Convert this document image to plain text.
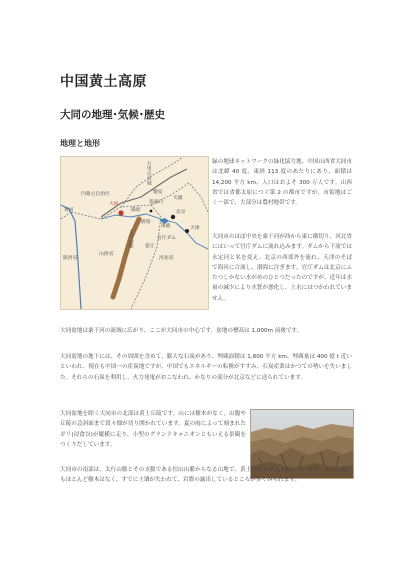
中国黄土高原
大同の地理･気候･歴史
地理と地形
内蒙古自治区
黄河
大同
北京
天津
河北省
山西省
陝西省
万里の長城
太行山脈
陽原
張家口
蔚県
涿鹿
懐安
官庁ダム
霊丘
天鎮

緑の地球ネットワークの緑化協力地、中国山西省大同市は北緯 40 度、東経 113 度のあたりにあり、面積は 14,200 平方 km、人口はおよそ 300 万人です。山西省では省都太原につぐ第 2 の都市ですが、市街地はごく一部で、大部分は農村地帯です。

大同市のほぼ中央を桑干河が西から東に横切り、河北省にはいって官庁ダムに流れ込みます。ダムから下流では永定河と名を変え、北京の西郊外を流れ、天津のそばで海河に合流し、渤海に注ぎます。官庁ダムは北京にふたつしかない水がめのひとつだったのですが、近年は水量の減少により水質が悪化し、上水にはつかわれていません。

大同盆地は桑干河の流域に広がり、ここが大同市の中心です。盆地の標高は 1,000m 前後です。

大同盆地の地下には、その周囲を含めて、膨大な石炭があり、埋蔵面積は 1,800 平方 km、埋蔵量は 400 億 t 近いといわれ、現在も中国一の産炭地ですが、中国でもエネルギーの転換がすすみ、石炭産業はかつての勢いを失いました。それらの石炭を利用し、火力発電がおこなわれ、かなりの部分が北京などに送られています。

大同盆地を除く大同市の北部は黄土丘陵です。山には樹木がなく、山腹や丘陵の急斜面まで段々畑が切り開かれています。夏の雨によって刻まれたガリ(浸食谷)が縦横に走り、小型のグランドキャニオンともいえる景観をつくりだしています。

大同市の南部は、太行山脈とその支脈である恒山山脈からなる山地で、黄土丘陵とが入り組んでいます。太行山脈にもほとんど樹木はなく、すでに土壌が失われて、岩盤の露出しているところが多くみられます。
